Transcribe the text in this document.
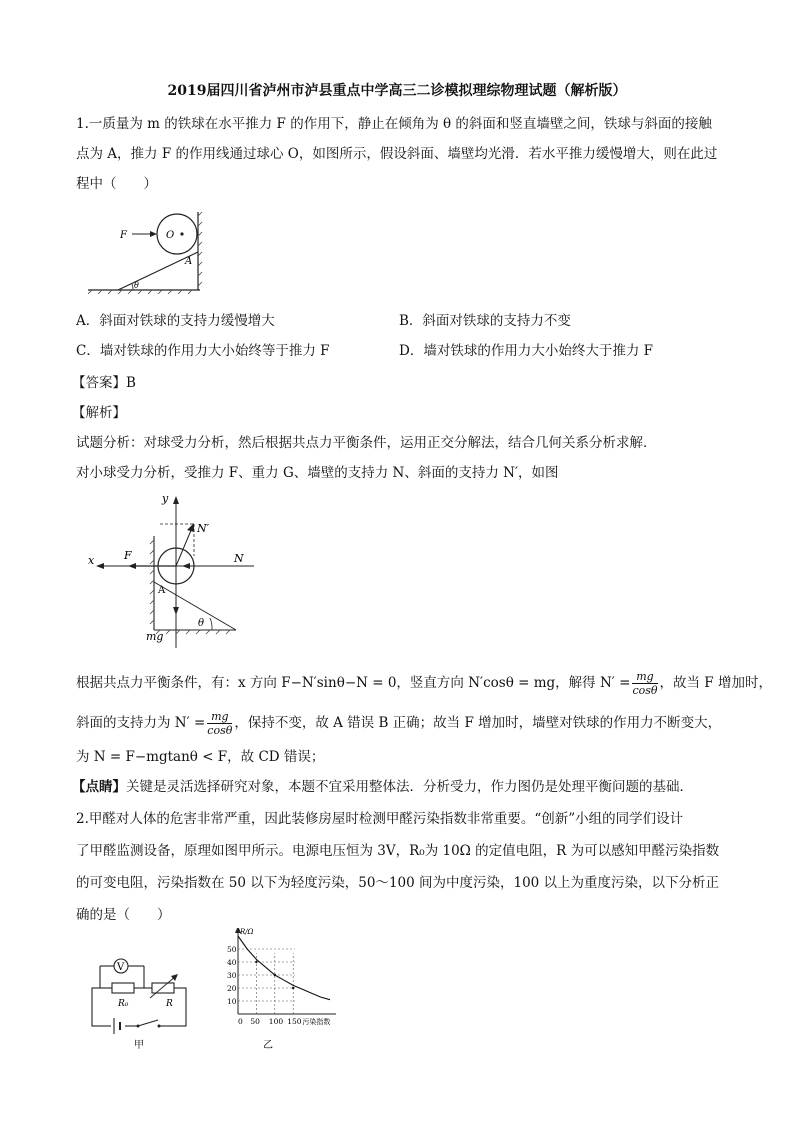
2019届四川省泸州市泸县重点中学高三二诊模拟理综物理试题（解析版）
1.一质量为 m 的铁球在水平推力 F 的作用下，静止在倾角为 θ 的斜面和竖直墙壁之间，铁球与斜面的接触
点为 A，推力 F 的作用线通过球心 O，如图所示，假设斜面、墙壁均光滑．若水平推力缓慢增大，则在此过
程中（　　）
F	O
A
θ
A．斜面对铁球的支持力缓慢增大	B．斜面对铁球的支持力不变
C．墙对铁球的作用力大小始终等于推力 F	D．墙对铁球的作用力大小始终大于推力 F
【答案】B
【解析】
试题分析：对球受力分析，然后根据共点力平衡条件，运用正交分解法，结合几何关系分析求解．
对小球受力分析，受推力 F、重力 G、墙壁的支持力 N、斜面的支持力 N′，如图
y
x
N′
F	N
A
θ
mg
根据共点力平衡条件，有：x 方向 F−N′sinθ−N = 0，竖直方向 N′cosθ = mg，解得 $N' = \frac{mg}{\cos\theta}$ ，故当 F 增加时，
斜面的支持力为 $N' = \frac{mg}{\cos\theta}$ ，保持不变，故 A 错误 B 正确；故当 F 增加时，墙壁对铁球的作用力不断变大，
为 N = F−mgtanθ < F，故 CD 错误；
【点睛】关键是灵活选择研究对象，本题不宜采用整体法．分析受力，作力图仍是处理平衡问题的基础．
2.甲醛对人体的危害非常严重，因此装修房屋时检测甲醛污染指数非常重要。“创新”小组的同学们设计
了甲醛监测设备，原理如图甲所示。电源电压恒为 3V，R₀为 10Ω 的定值电阻，R 为可以感知甲醛污染指数
的可变电阻，污染指数在 50 以下为轻度污染，50～100 间为中度污染，100 以上为重度污染，以下分析正
确的是（　　）
V
R₀	R
甲
R/Ω
0 50 100 150 污染指数
10
20
30
40
50
乙
